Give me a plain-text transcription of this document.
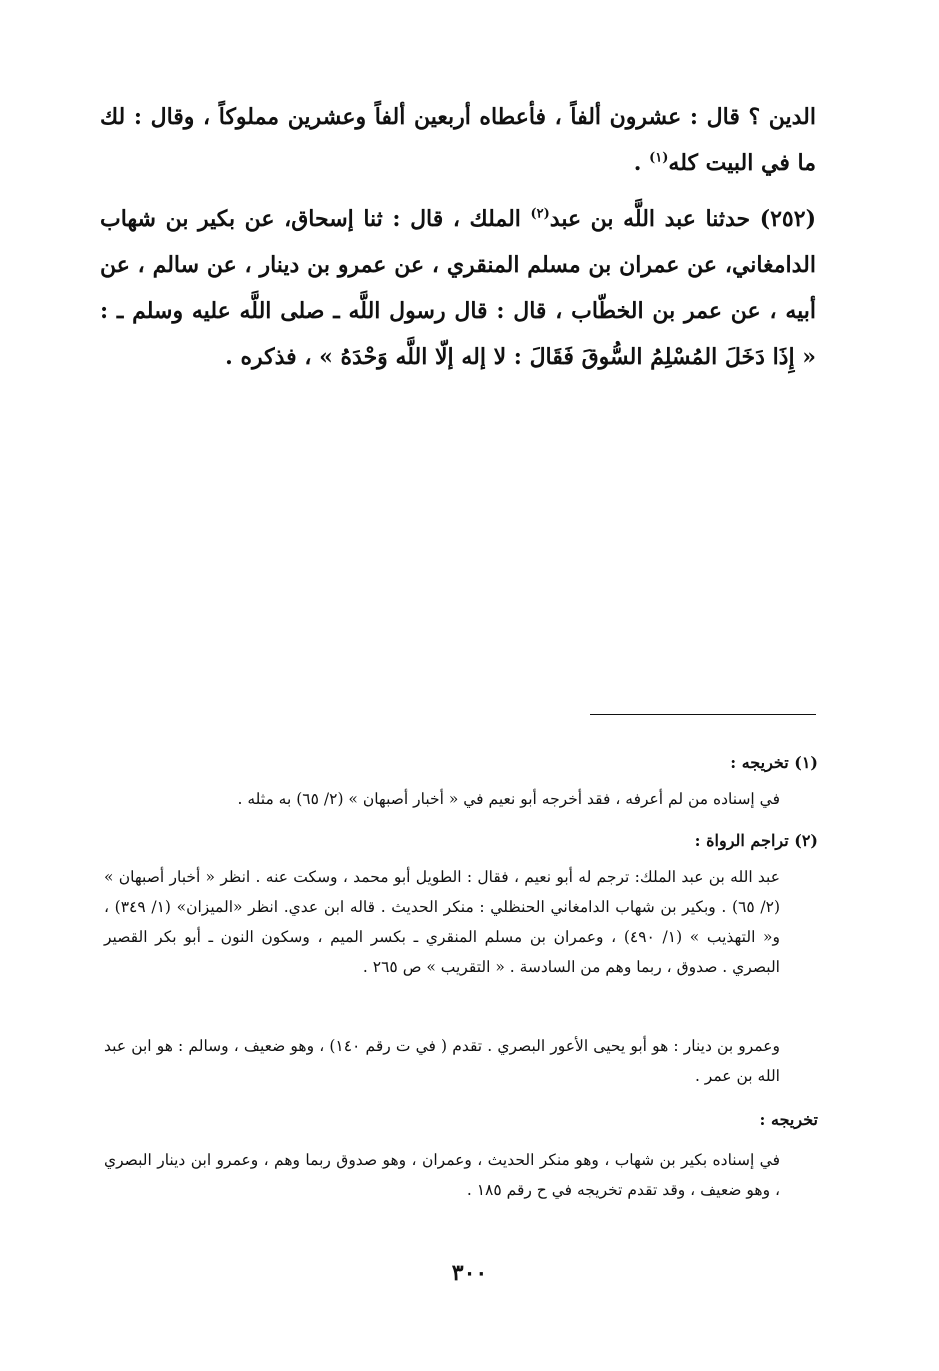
الدين ؟ قال : عشرون ألفاً ، فأعطاه أربعين ألفاً وعشرين مملوكاً ، وقال : لك ما في البيت كله$^{(١)}$ .

(٢٥٢) حدثنا عبد اللَّه بن عبد$^{(٢)}$ الملك ، قال : ثنا إسحاق، عن بكير بن شهاب الدامغاني، عن عمران بن مسلم المنقري ، عن عمرو بن دينار ، عن سالم ، عن أبيه ، عن عمر بن الخطّاب ، قال : قال رسول اللَّه ـ صلى اللَّه عليه وسلم ـ : « إِذَا دَخَلَ المُسْلِمُ السُّوقَ فَقَالَ : لا إله إلّا اللَّه وَحْدَهُ » ، فذكره .

(١) تخريجه :

في إسناده من لم أعرفه ، فقد أخرجه أبو نعيم في « أخبار أصبهان » (٢/ ٦٥) به مثله .

(٢) تراجم الرواة :

عبد الله بن عبد الملك: ترجم له أبو نعيم ، فقال : الطويل أبو محمد ، وسكت عنه . انظر « أخبار أصبهان » (٢/ ٦٥) . وبكير بن شهاب الدامغاني الحنظلي : منكر الحديث . قاله ابن عدي. انظر «الميزان» (١/ ٣٤٩) ، و« التهذيب » (١/ ٤٩٠) ، وعمران بن مسلم المنقري ـ بكسر الميم ، وسكون النون ـ أبو بكر القصير البصري . صدوق ، ربما وهم من السادسة . « التقريب » ص ٢٦٥ .

وعمرو بن دينار : هو أبو يحيى الأعور البصري . تقدم ( في ت رقم ١٤٠) ، وهو ضعيف ، وسالم : هو ابن عبد الله بن عمر .

تخريجه :

في إسناده بكير بن شهاب ، وهو منكر الحديث ، وعمران ، وهو صدوق ربما وهم ، وعمرو ابن دينار البصري ، وهو ضعيف ، وقد تقدم تخريجه في ح رقم ١٨٥ .

٣٠٠
